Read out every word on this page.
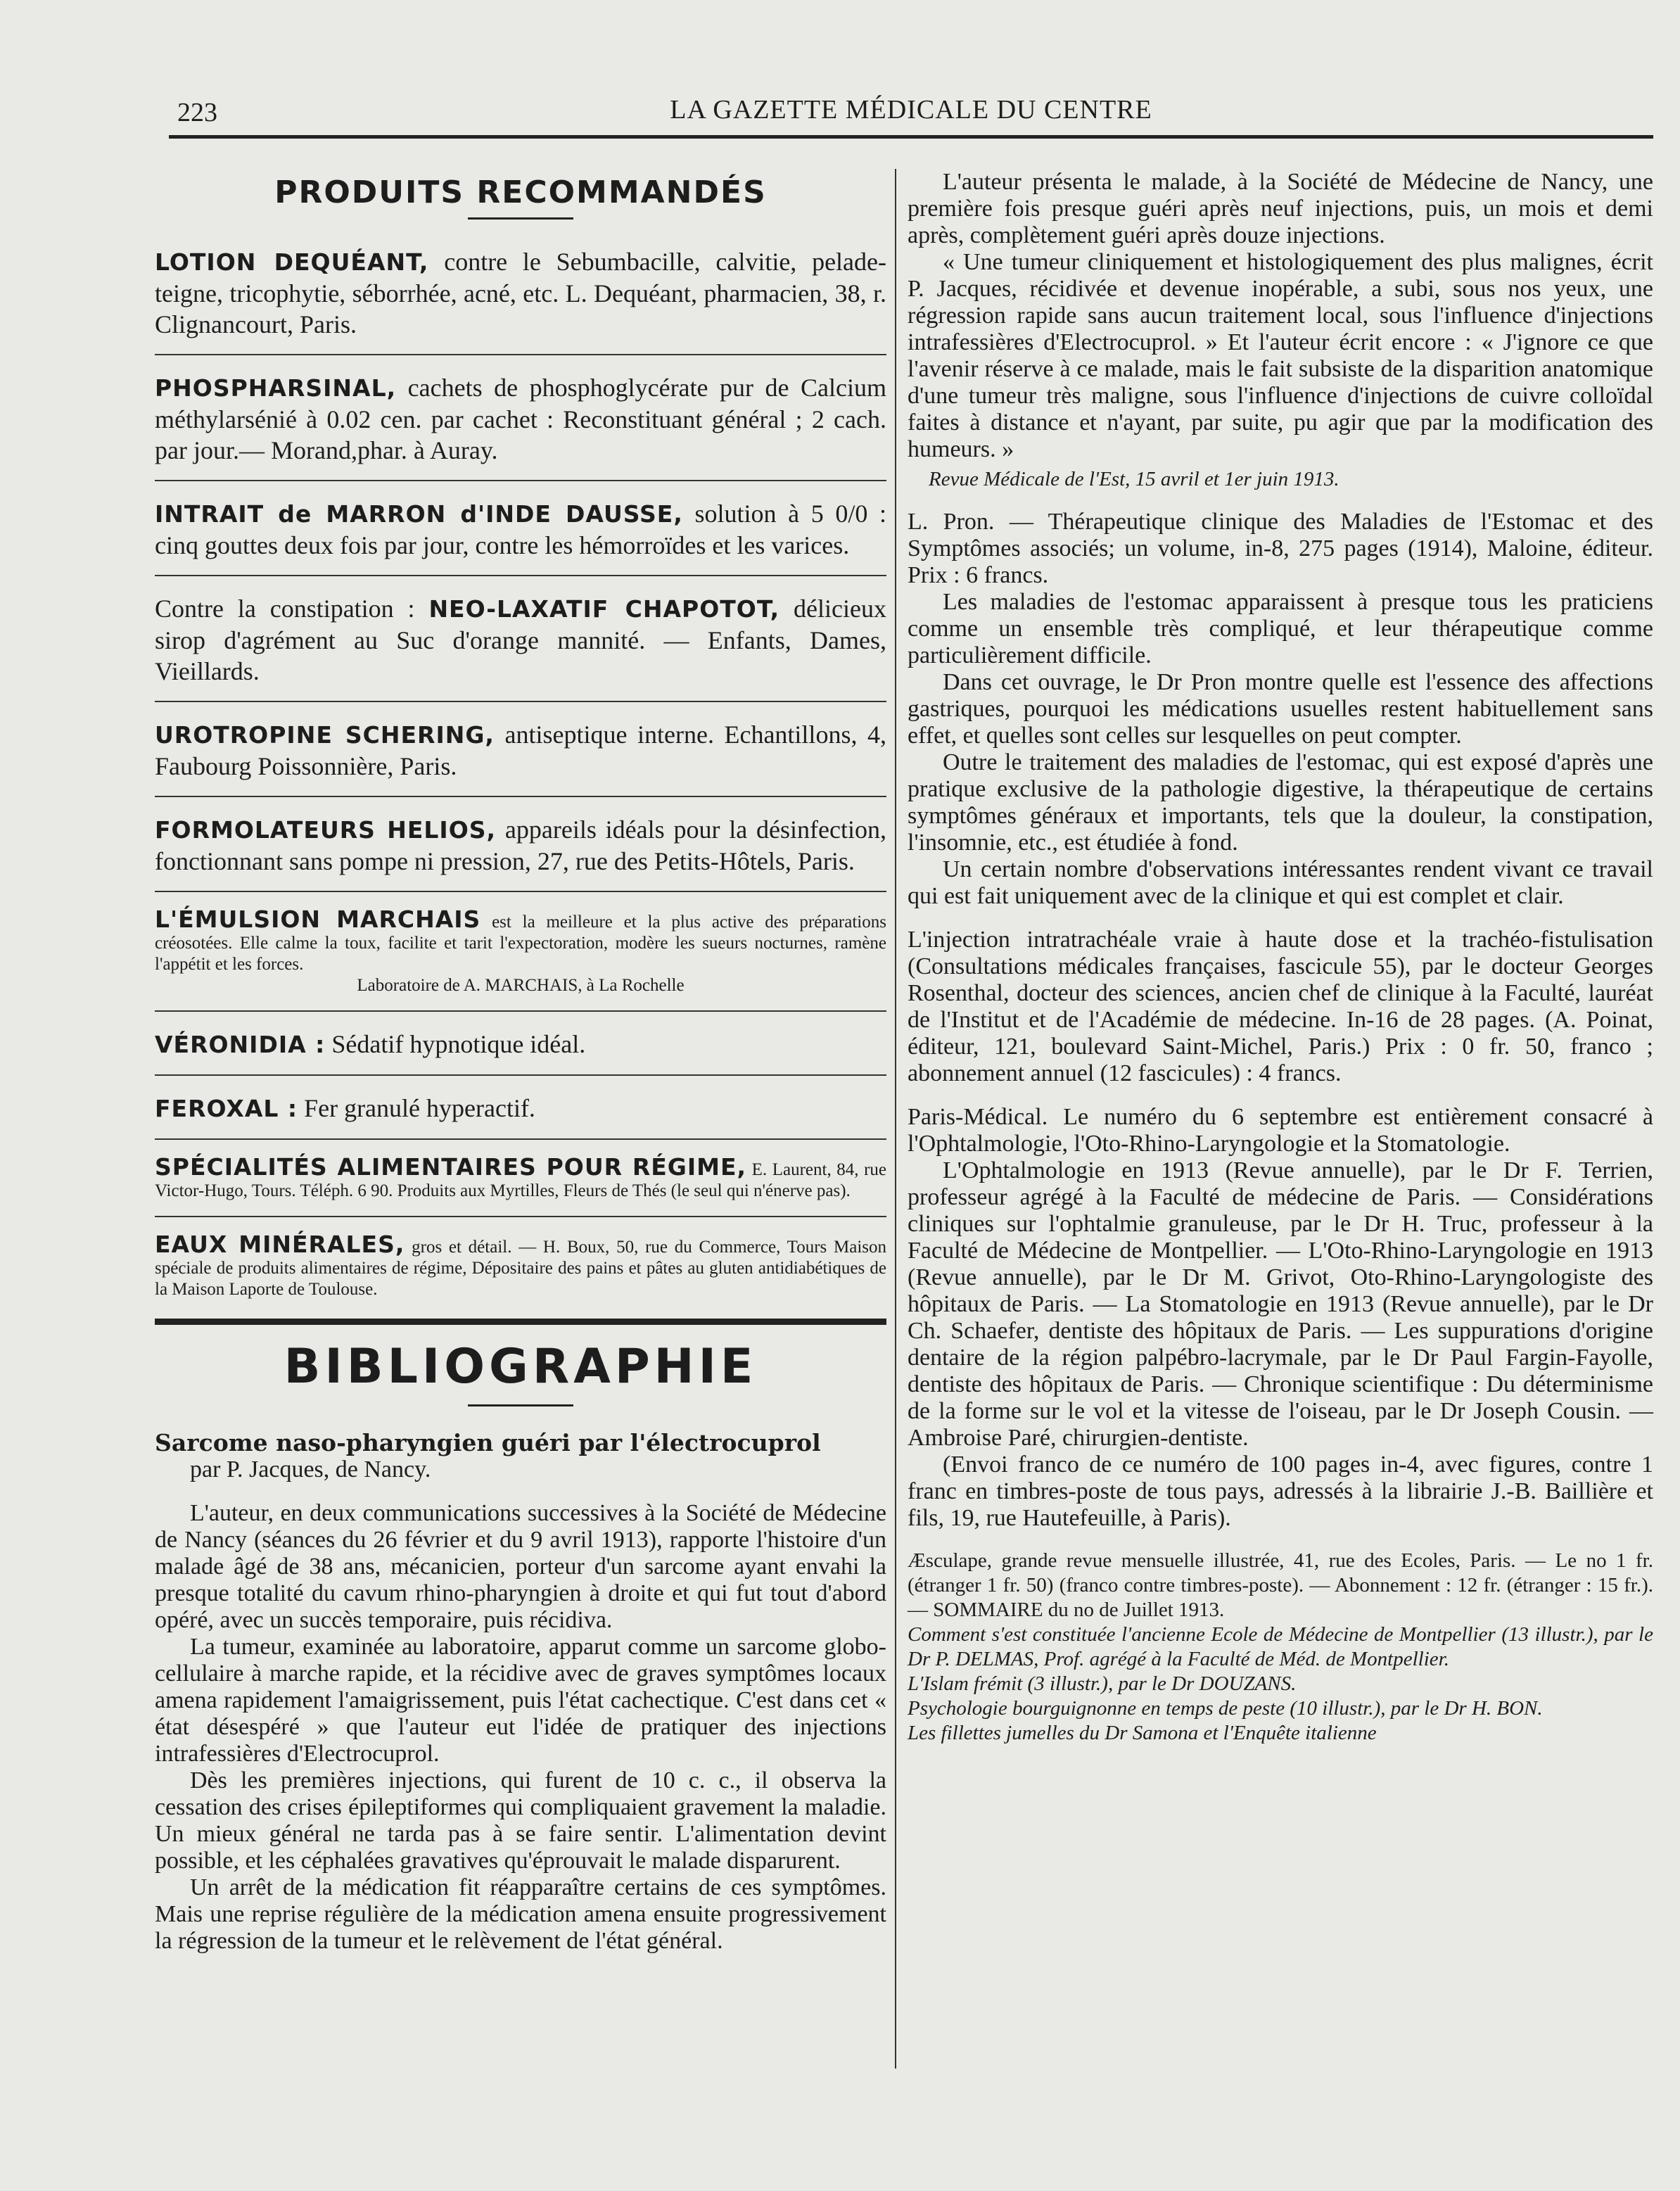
223	LA GAZETTE MÉDICALE DU CENTRE
PRODUITS RECOMMANDÉS
LOTION DEQUÉANT, contre le Sebumbacille, calvitie, pelade-teigne, tricophytie, séborrhée, acné, etc. L. Dequéant, pharmacien, 38, r. Clignancourt, Paris.
PHOSPHARSINAL, cachets de phosphoglycérate pur de Calcium méthylarsénié à 0.02 cen. par cachet : Reconstituant général ; 2 cach. par jour.— Morand,phar. à Auray.
INTRAIT de MARRON d'INDE DAUSSE, solution à 5 0/0 : cinq gouttes deux fois par jour, contre les hémorroïdes et les varices.
Contre la constipation : NEO-LAXATIF CHAPOTOT, délicieux sirop d'agrément au Suc d'orange mannité. — Enfants, Dames, Vieillards.
UROTROPINE SCHERING, antiseptique interne. Echantillons, 4, Faubourg Poissonnière, Paris.
FORMOLATEURS HELIOS, appareils idéals pour la désinfection, fonctionnant sans pompe ni pression, 27, rue des Petits-Hôtels, Paris.
L'ÉMULSION MARCHAIS est la meilleure et la plus active des préparations créosotées. Elle calme la toux, facilite et tarit l'expectoration, modère les sueurs nocturnes, ramène l'appétit et les forces.
Laboratoire de A. MARCHAIS, à La Rochelle
VÉRONIDIA : Sédatif hypnotique idéal.
FEROXAL : Fer granulé hyperactif.
SPÉCIALITÉS ALIMENTAIRES POUR RÉGIME, E. Laurent, 84, rue Victor-Hugo, Tours. Téléph. 6 90. Produits aux Myrtilles, Fleurs de Thés (le seul qui n'énerve pas).
EAUX MINÉRALES, gros et détail. — H. Boux, 50, rue du Commerce, Tours Maison spéciale de produits alimentaires de régime, Dépositaire des pains et pâtes au gluten antidiabétiques de la Maison Laporte de Toulouse.
BIBLIOGRAPHIE
Sarcome naso-pharyngien guéri par l'électrocuprol
par P. Jacques, de Nancy.

L'auteur, en deux communications successives à la Société de Médecine de Nancy (séances du 26 février et du 9 avril 1913), rapporte l'histoire d'un malade âgé de 38 ans, mécanicien, porteur d'un sarcome ayant envahi la presque totalité du cavum rhino-pharyngien à droite et qui fut tout d'abord opéré, avec un succès temporaire, puis récidiva.

La tumeur, examinée au laboratoire, apparut comme un sarcome globo-cellulaire à marche rapide, et la récidive avec de graves symptômes locaux amena rapidement l'amaigrissement, puis l'état cachectique. C'est dans cet « état désespéré » que l'auteur eut l'idée de pratiquer des injections intrafessières d'Electrocuprol.

Dès les premières injections, qui furent de 10 c. c., il observa la cessation des crises épileptiformes qui compliquaient gravement la maladie. Un mieux général ne tarda pas à se faire sentir. L'alimentation devint possible, et les céphalées gravatives qu'éprouvait le malade disparurent.

Un arrêt de la médication fit réapparaître certains de ces symptômes. Mais une reprise régulière de la médication amena ensuite progressivement la régression de la tumeur et le relèvement de l'état général.

L'auteur présenta le malade, à la Société de Médecine de Nancy, une première fois presque guéri après neuf injections, puis, un mois et demi après, complètement guéri après douze injections.

« Une tumeur cliniquement et histologiquement des plus malignes, écrit P. Jacques, récidivée et devenue inopérable, a subi, sous nos yeux, une régression rapide sans aucun traitement local, sous l'influence d'injections intrafessières d'Electrocuprol. » Et l'auteur écrit encore : « J'ignore ce que l'avenir réserve à ce malade, mais le fait subsiste de la disparition anatomique d'une tumeur très maligne, sous l'influence d'injections de cuivre colloïdal faites à distance et n'ayant, par suite, pu agir que par la modification des humeurs. »

Revue Médicale de l'Est, 15 avril et 1er juin 1913.

L. Pron. — Thérapeutique clinique des Maladies de l'Estomac et des Symptômes associés; un volume, in-8, 275 pages (1914), Maloine, éditeur. Prix : 6 francs.

Les maladies de l'estomac apparaissent à presque tous les praticiens comme un ensemble très compliqué, et leur thérapeutique comme particulièrement difficile.

Dans cet ouvrage, le Dr Pron montre quelle est l'essence des affections gastriques, pourquoi les médications usuelles restent habituellement sans effet, et quelles sont celles sur lesquelles on peut compter.

Outre le traitement des maladies de l'estomac, qui est exposé d'après une pratique exclusive de la pathologie digestive, la thérapeutique de certains symptômes généraux et importants, tels que la douleur, la constipation, l'insomnie, etc., est étudiée à fond.

Un certain nombre d'observations intéressantes rendent vivant ce travail qui est fait uniquement avec de la clinique et qui est complet et clair.

L'injection intratrachéale vraie à haute dose et la trachéo-fistulisation (Consultations médicales françaises, fascicule 55), par le docteur Georges Rosenthal, docteur des sciences, ancien chef de clinique à la Faculté, lauréat de l'Institut et de l'Académie de médecine. In-16 de 28 pages. (A. Poinat, éditeur, 121, boulevard Saint-Michel, Paris.) Prix : 0 fr. 50, franco ; abonnement annuel (12 fascicules) : 4 francs.

Paris-Médical. Le numéro du 6 septembre est entièrement consacré à l'Ophtalmologie, l'Oto-Rhino-Laryngologie et la Stomatologie.

L'Ophtalmologie en 1913 (Revue annuelle), par le Dr F. Terrien, professeur agrégé à la Faculté de médecine de Paris. — Considérations cliniques sur l'ophtalmie granuleuse, par le Dr H. Truc, professeur à la Faculté de Médecine de Montpellier. — L'Oto-Rhino-Laryngologie en 1913 (Revue annuelle), par le Dr M. Grivot, Oto-Rhino-Laryngologiste des hôpitaux de Paris. — La Stomatologie en 1913 (Revue annuelle), par le Dr Ch. Schaefer, dentiste des hôpitaux de Paris. — Les suppurations d'origine dentaire de la région palpébro-lacrymale, par le Dr Paul Fargin-Fayolle, dentiste des hôpitaux de Paris. — Chronique scientifique : Du déterminisme de la forme sur le vol et la vitesse de l'oiseau, par le Dr Joseph Cousin. — Ambroise Paré, chirurgien-dentiste.

(Envoi franco de ce numéro de 100 pages in-4, avec figures, contre 1 franc en timbres-poste de tous pays, adressés à la librairie J.-B. Baillière et fils, 19, rue Hautefeuille, à Paris).

Æsculape, grande revue mensuelle illustrée, 41, rue des Ecoles, Paris. — Le no 1 fr. (étranger 1 fr. 50) (franco contre timbres-poste). — Abonnement : 12 fr. (étranger : 15 fr.). — SOMMAIRE du no de Juillet 1913.

Comment s'est constituée l'ancienne Ecole de Médecine de Montpellier (13 illustr.), par le Dr P. DELMAS, Prof. agrégé à la Faculté de Méd. de Montpellier.

L'Islam frémit (3 illustr.), par le Dr DOUZANS.

Psychologie bourguignonne en temps de peste (10 illustr.), par le Dr H. BON.

Les fillettes jumelles du Dr Samona et l'Enquête italienne
